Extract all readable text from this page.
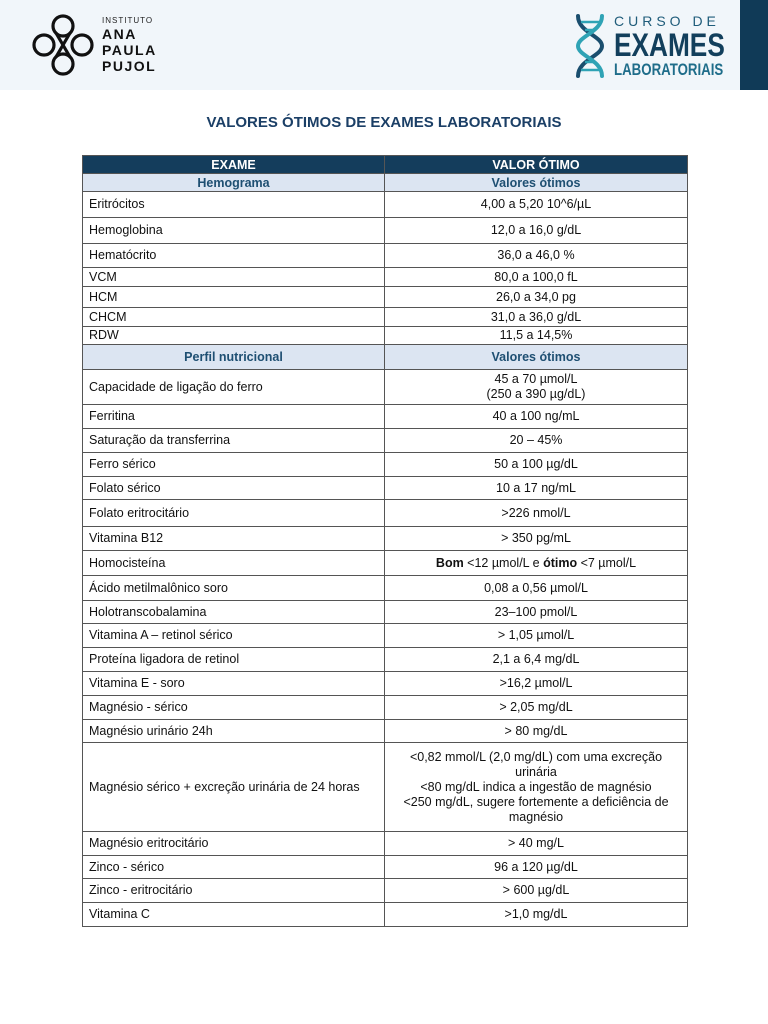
INSTITUTO
ANA
PAULA
PUJOL
CURSO DE
EXAMES
LABORATORIAIS
VALORES ÓTIMOS DE EXAMES LABORATORIAIS
EXAME	VALOR ÓTIMO
Hemograma	Valores ótimos
Eritrócitos	4,00 a 5,20 10^6/µL

Hemoglobina	12,0 a 16,0 g/dL

Hematócrito	36,0 a 46,0 %

VCM	80,0 a 100,0 fL

HCM	26,0 a 34,0 pg

CHCM	31,0 a 36,0 g/dL

RDW	11,5 a 14,5%

Perfil nutricional	Valores ótimos
Capacidade de ligação do ferro	45 a 70 µmol/L
(250 a 390 µg/dL)

Ferritina	40 a 100 ng/mL

Saturação da transferrina	20 – 45%

Ferro sérico	50 a 100 µg/dL

Folato sérico	10 a 17 ng/mL

Folato eritrocitário	>226 nmol/L

Vitamina B12	> 350 pg/mL

Homocisteína	Bom <12 µmol/L e ótimo <7 µmol/L
Ácido metilmalônico soro	0,08 a 0,56 µmol/L

Holotranscobalamina	23–100 pmol/L

Vitamina A – retinol sérico	> 1,05 µmol/L

Proteína ligadora de retinol	2,1 a 6,4 mg/dL

Vitamina E - soro	>16,2 µmol/L

Magnésio - sérico	> 2,05 mg/dL

Magnésio urinário 24h	> 80 mg/dL

Magnésio sérico + excreção urinária de 24 horas	<0,82 mmol/L (2,0 mg/dL) com uma excreção urinária
<80 mg/dL indica a ingestão de magnésio
<250 mg/dL, sugere fortemente a deficiência de magnésio

Magnésio eritrocitário	> 40 mg/L

Zinco - sérico	96 a 120 µg/dL

Zinco - eritrocitário	> 600 µg/dL

Vitamina C	>1,0 mg/dL
